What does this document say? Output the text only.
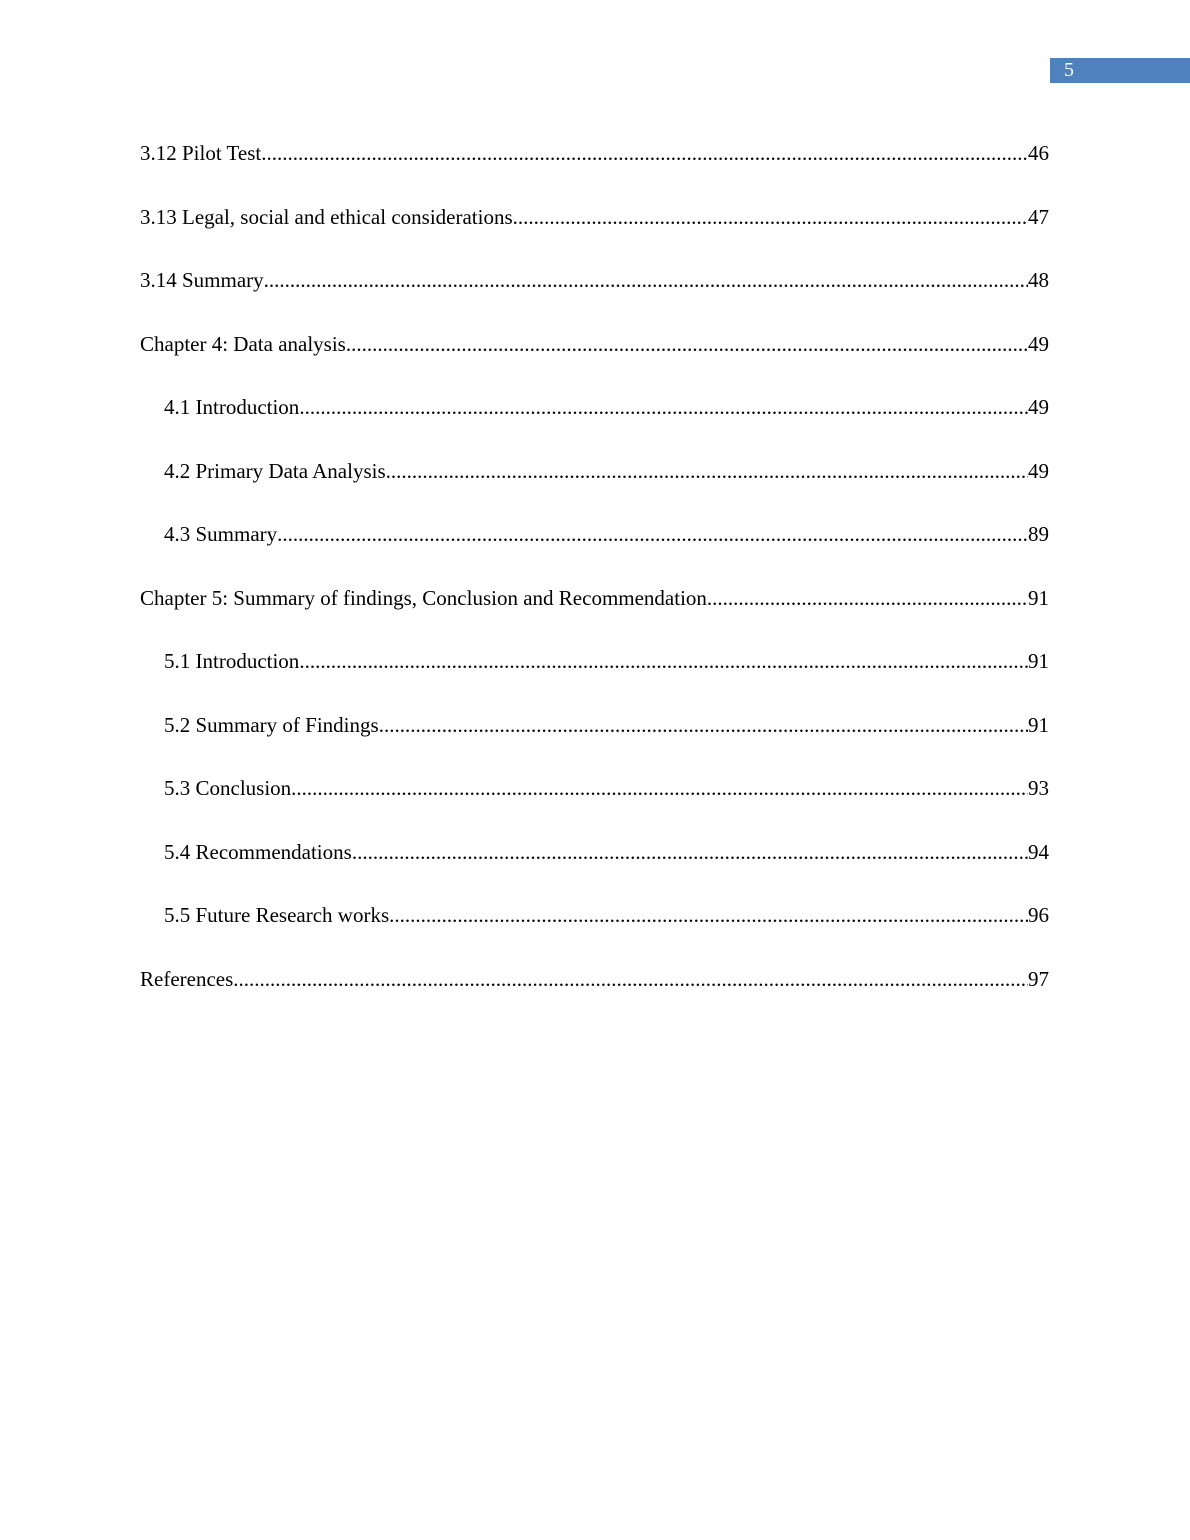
5
3.12 Pilot Test .....	46
3.13 Legal, social and ethical considerations .....	47
3.14 Summary .....	48
Chapter 4: Data analysis .....	49
4.1 Introduction .....	49
4.2 Primary Data Analysis .....	49
4.3 Summary .....	89
Chapter 5: Summary of findings, Conclusion and Recommendation .....	91
5.1 Introduction .....	91
5.2 Summary of Findings .....	91
5.3 Conclusion .....	93
5.4 Recommendations .....	94
5.5 Future Research works .....	96
References .....	97
